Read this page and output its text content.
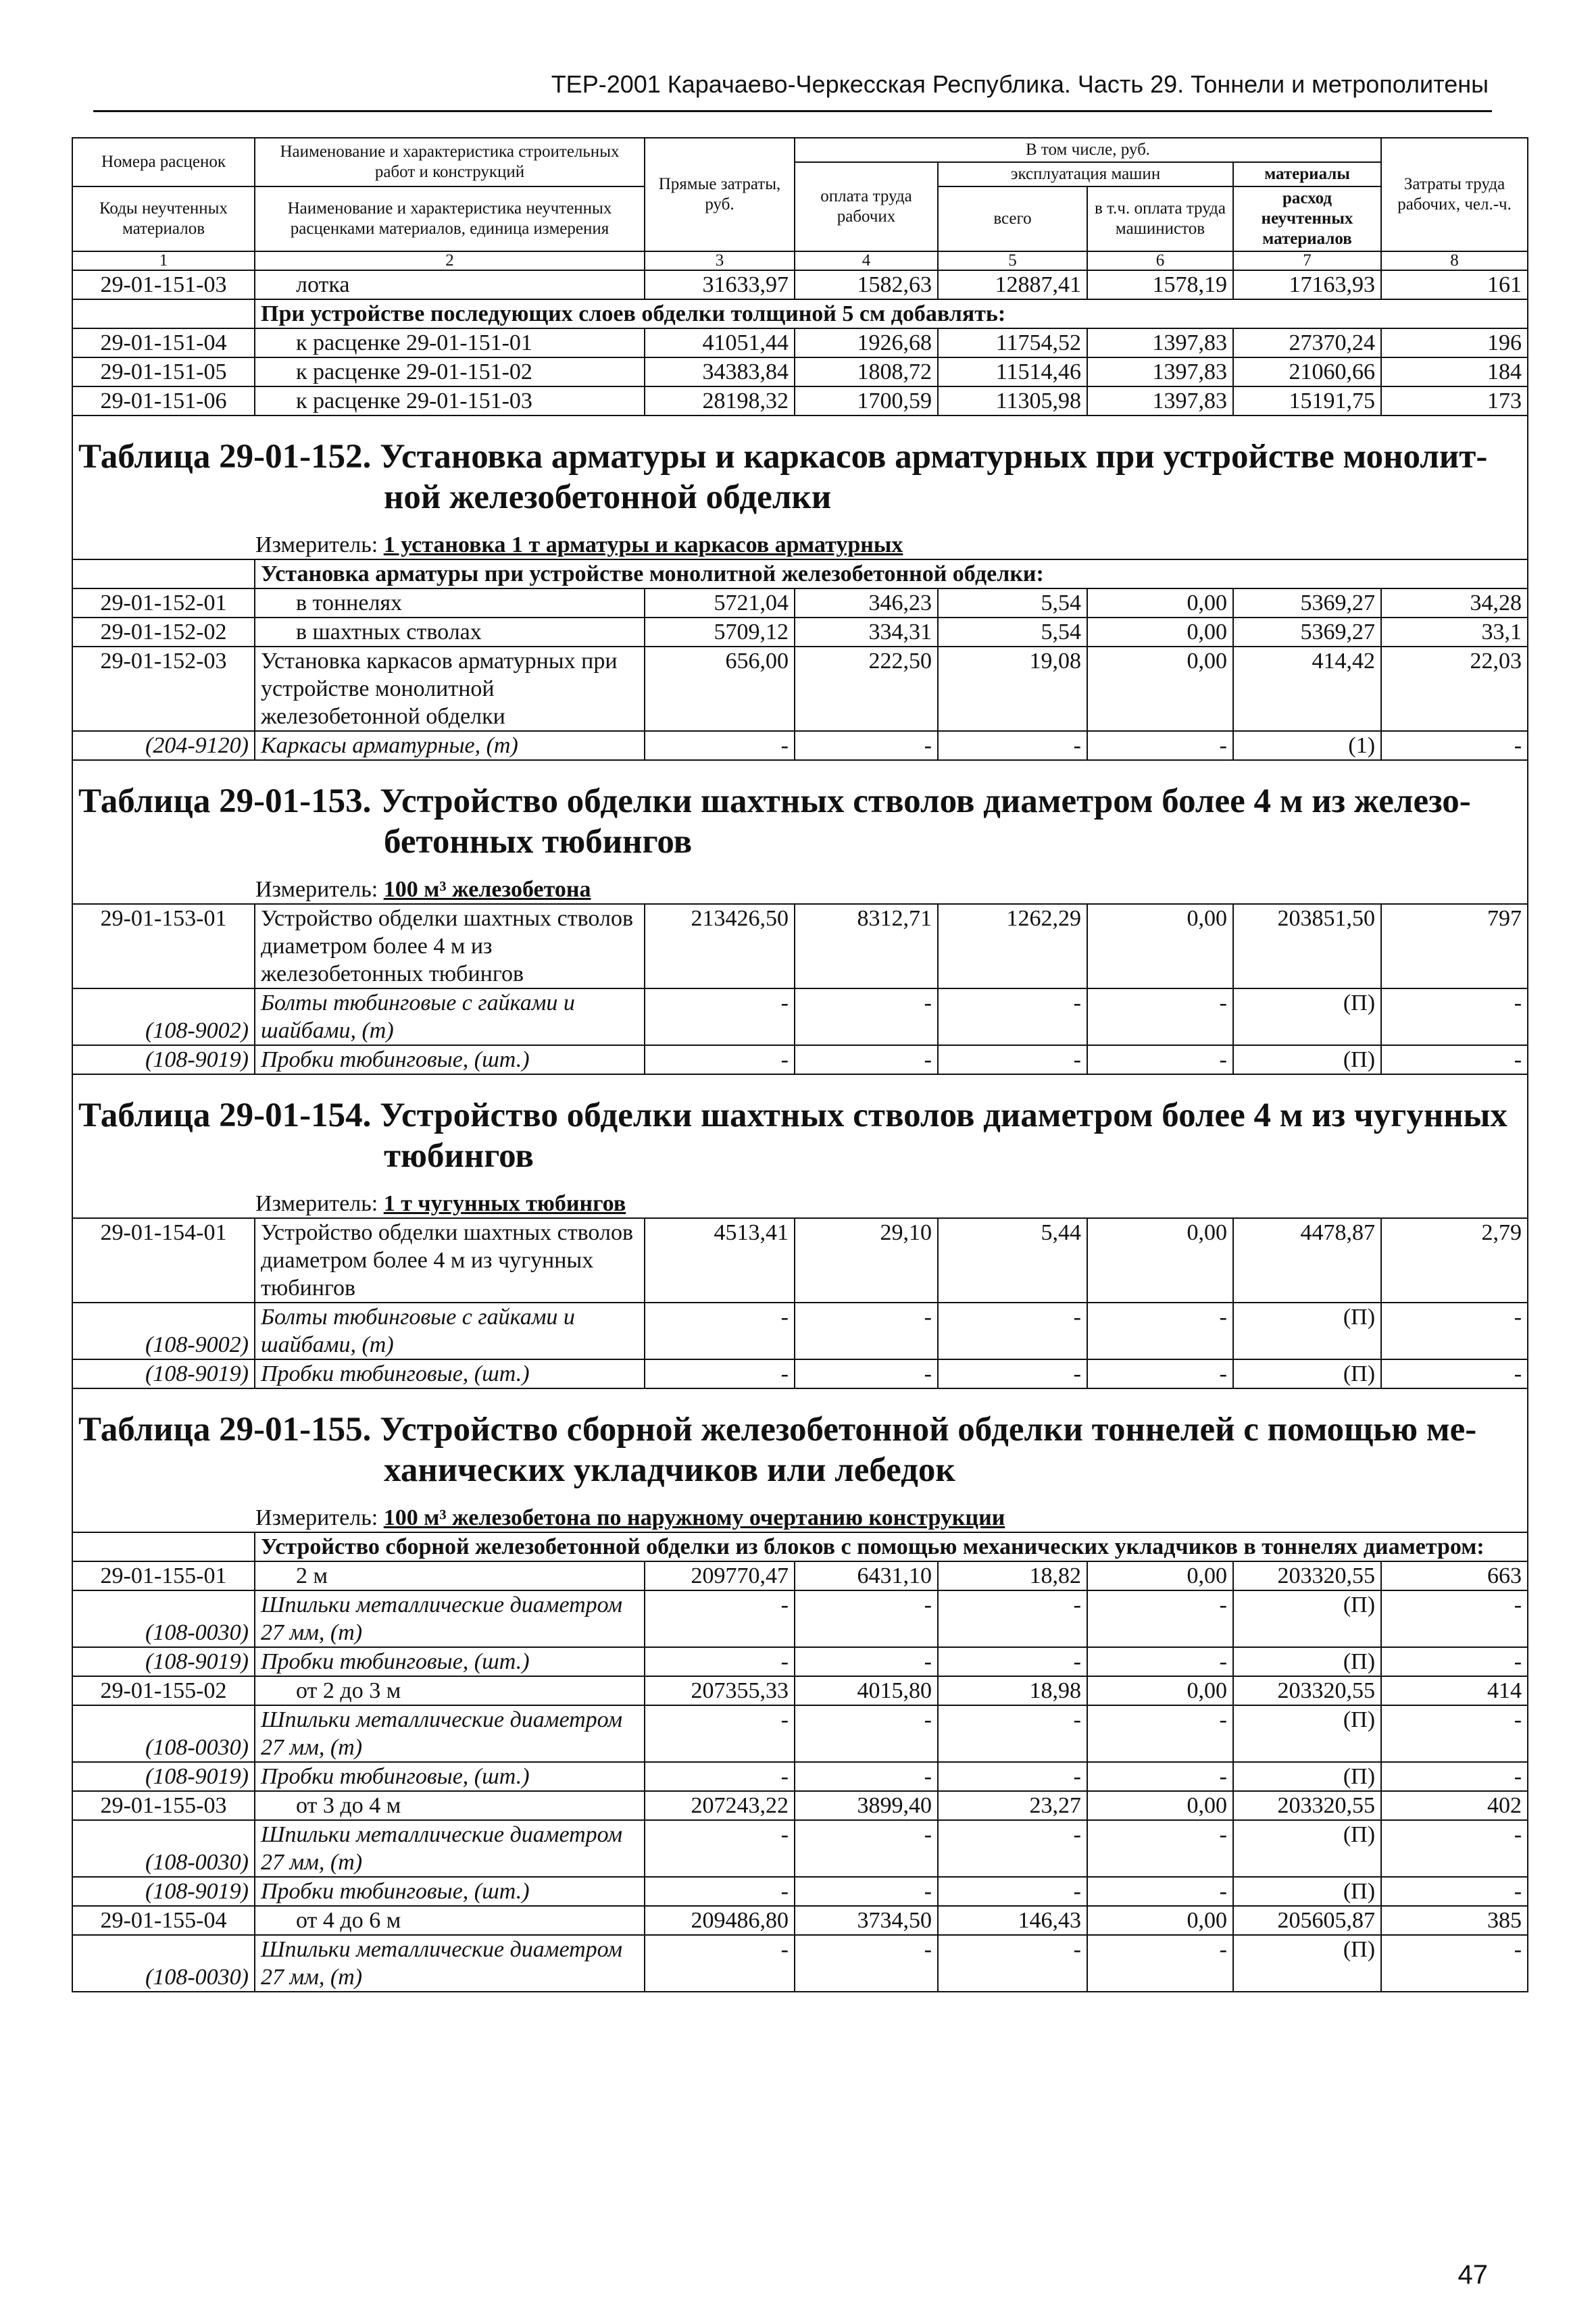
ТЕР-2001 Карачаево-Черкесская Республика. Часть 29. Тоннели и метрополитены
Номера расценок	Наименование и характеристика строительных работ и конструкций	Прямые затраты, руб.	В том числе, руб.				Затраты труда рабочих, чел.-ч.
			оплата труда рабочих	эксплуатация машин		материалы	
Коды неучтенных материалов	Наименование и характеристика неучтенных расценками материалов, единица измерения			всего	в т.ч. оплата труда машинистов	расход неучтенных материалов	

1	2	3	4	5	6	7	8
29-01-151-03	лотка	31633,97	1582,63	12887,41	1578,19	17163,93	161
	При устройстве последующих слоев обделки толщиной 5 см добавлять:						
29-01-151-04	к расценке 29-01-151-01	41051,44	1926,68	11754,52	1397,83	27370,24	196
29-01-151-05	к расценке 29-01-151-02	34383,84	1808,72	11514,46	1397,83	21060,66	184
29-01-151-06	к расценке 29-01-151-03	28198,32	1700,59	11305,98	1397,83	15191,75	173
Таблица 29-01-152. Установка арматуры и каркасов арматурных при устройстве монолит-
ной железобетонной обделки							

Измеритель: 1 установка 1 т арматуры и каркасов арматурных							
	Установка арматуры при устройстве монолитной железобетонной обделки:						
29-01-152-01	в тоннелях	5721,04	346,23	5,54	0,00	5369,27	34,28
29-01-152-02	в шахтных стволах	5709,12	334,31	5,54	0,00	5369,27	33,1
29-01-152-03	Установка каркасов арматурных при устройстве монолитной железобетонной обделки	656,00	222,50	19,08	0,00	414,42	22,03
(204-9120)	Каркасы арматурные, (т)	-	-	-	-	(1)	-
Таблица 29-01-153. Устройство обделки шахтных стволов диаметром более 4 м из железо-
бетонных тюбингов							

Измеритель: 100 м³ железобетона							
29-01-153-01	Устройство обделки шахтных стволов диаметром более 4 м из железобетонных тюбингов	213426,50	8312,71	1262,29	0,00	203851,50	797
(108-9002)	Болты тюбинговые с гайками и шайбами, (т)	-	-	-	-	(П)	-
(108-9019)	Пробки тюбинговые, (шт.)	-	-	-	-	(П)	-
Таблица 29-01-154. Устройство обделки шахтных стволов диаметром более 4 м из чугунных
тюбингов							

Измеритель: 1 т чугунных тюбингов							
29-01-154-01	Устройство обделки шахтных стволов диаметром более 4 м из чугунных тюбингов	4513,41	29,10	5,44	0,00	4478,87	2,79
(108-9002)	Болты тюбинговые с гайками и шайбами, (т)	-	-	-	-	(П)	-
(108-9019)	Пробки тюбинговые, (шт.)	-	-	-	-	(П)	-
Таблица 29-01-155. Устройство сборной железобетонной обделки тоннелей с помощью ме-
ханических укладчиков или лебедок							

Измеритель: 100 м³ железобетона по наружному очертанию конструкции							
	Устройство сборной железобетонной обделки из блоков с помощью механических укладчиков в тоннелях диаметром:						
29-01-155-01	2 м	209770,47	6431,10	18,82	0,00	203320,55	663
(108-0030)	Шпильки металлические диаметром 27 мм, (т)	-	-	-	-	(П)	-
(108-9019)	Пробки тюбинговые, (шт.)	-	-	-	-	(П)	-
29-01-155-02	от 2 до 3 м	207355,33	4015,80	18,98	0,00	203320,55	414
(108-0030)	Шпильки металлические диаметром 27 мм, (т)	-	-	-	-	(П)	-
(108-9019)	Пробки тюбинговые, (шт.)	-	-	-	-	(П)	-
29-01-155-03	от 3 до 4 м	207243,22	3899,40	23,27	0,00	203320,55	402
(108-0030)	Шпильки металлические диаметром 27 мм, (т)	-	-	-	-	(П)	-
(108-9019)	Пробки тюбинговые, (шт.)	-	-	-	-	(П)	-
29-01-155-04	от 4 до 6 м	209486,80	3734,50	146,43	0,00	205605,87	385
(108-0030)	Шпильки металлические диаметром 27 мм, (т)	-	-	-	-	(П)	-
47
